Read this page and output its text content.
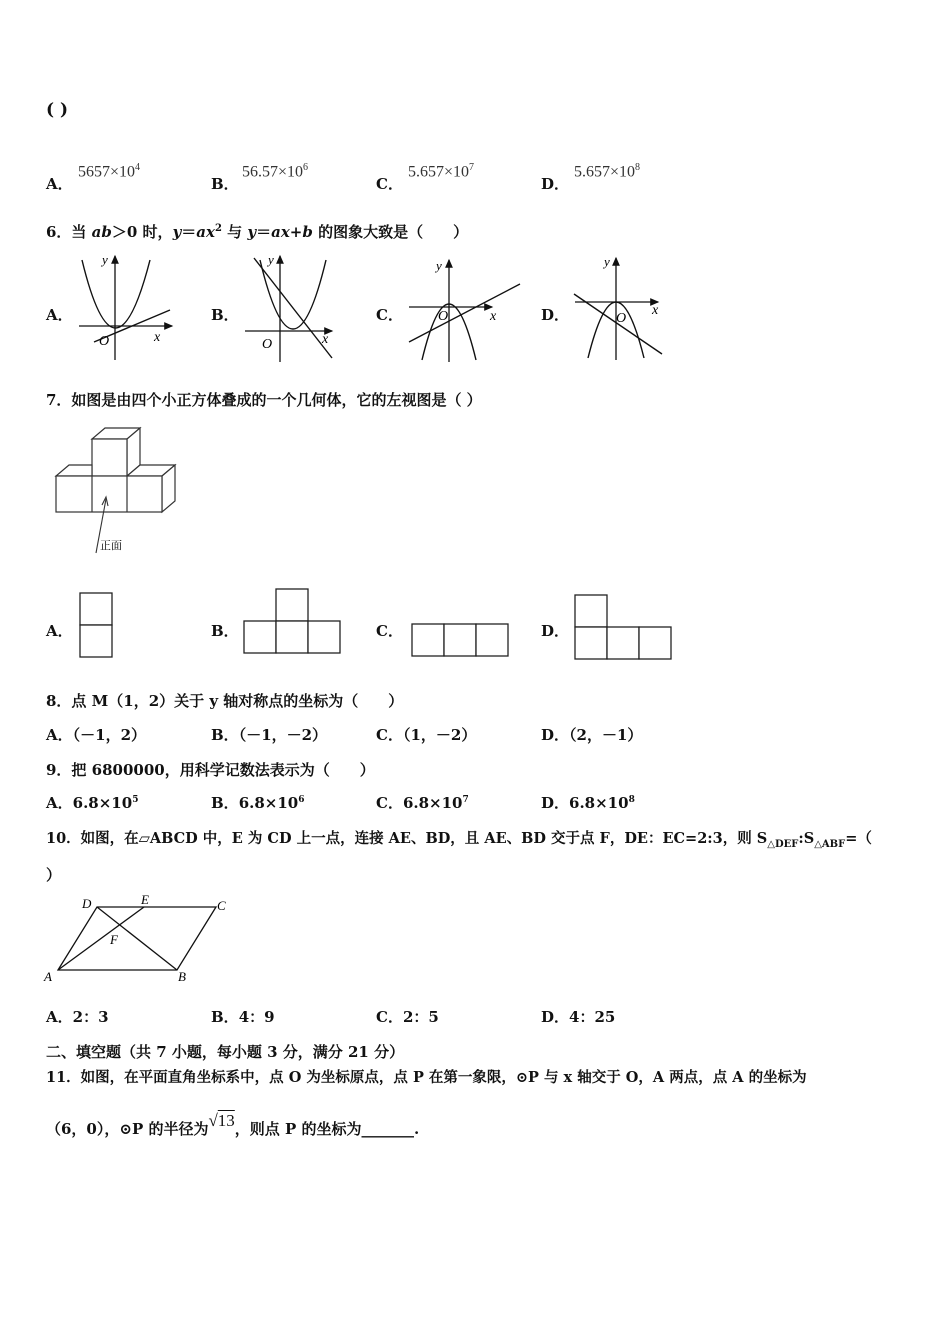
( )
A．
$5657\times 10^4$
B．
$56.57\times 10^6$
C．
$5.657\times 10^7$
D．
$5.657\times 10^8$
6．当 ab＞0 时，$y=ax^2$ 与 y＝ax+b 的图象大致是（　　）
A．	B．	C．	D．
y
x
O
y
x
O
y
x
O
y
x
O
7．如图是由四个小正方体叠成的一个几何体，它的左视图是（ ）
正面
A．	B．	C．	D．
8．点 M（1，2）关于 y 轴对称点的坐标为（　　）
A．（－1，2）	B．（－1，－2）	C．（1，－2）	D．（2，－1）
9．把 6800000，用科学记数法表示为（　　）
A．$6.8\times 10^5$	B．$6.8\times 10^6$	C．$6.8\times 10^7$	D．$6.8\times 10^8$
10．如图，在▱ABCD 中，E 为 CD 上一点，连接 AE、BD，且 AE、BD 交于点 F，DE：EC=2:3，则 $S_{\triangle DEF}:S_{\triangle ABF}=$（
）
A	B
C
D	E
F
A．2：3	B．4：9	C．2：5	D．4：25
二、填空题（共 7 小题，每小题 3 分，满分 21 分）
11．如图，在平面直角坐标系中，点 O 为坐标原点，点 P 在第一象限，⊙P 与 x 轴交于 O，A 两点，点 A 的坐标为
（6，0），⊙P 的半径为√13，则点 P 的坐标为_______.
